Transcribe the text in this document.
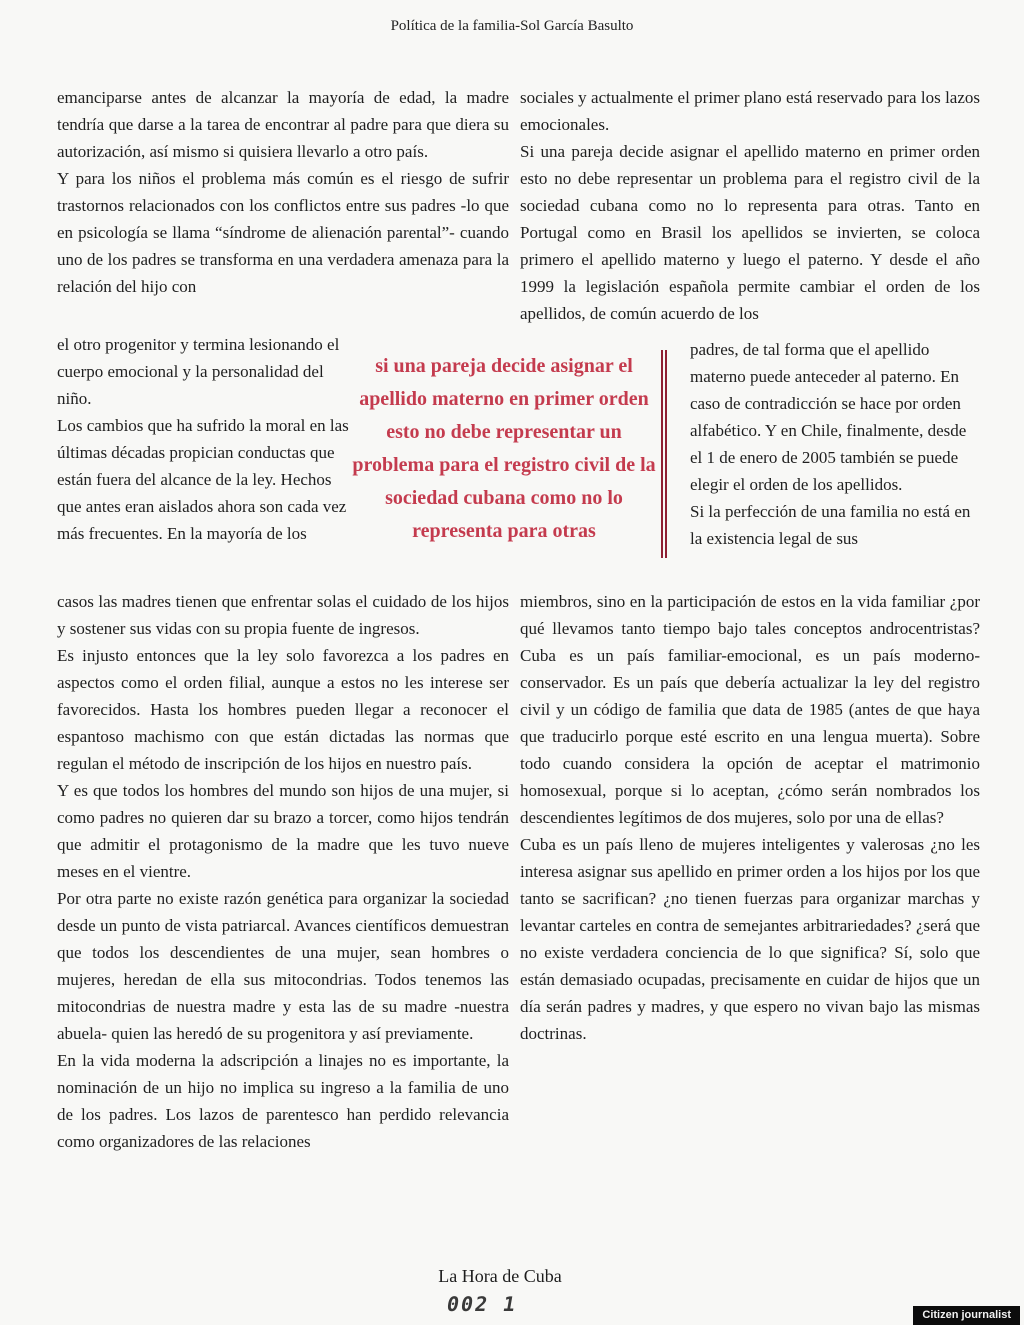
Política de la familia-Sol García Basulto

emanciparse antes de alcanzar la mayoría de edad, la madre tendría que darse a la tarea de encontrar al padre para que diera su autorización, así mismo si quisiera llevarlo a otro país.

Y para los niños el problema más común es el riesgo de sufrir trastornos relacionados con los conflictos entre sus padres -lo que en psicología se llama “síndrome de alienación parental”- cuando uno de los padres se transforma en una verdadera amenaza para la relación del hijo con

el otro progenitor y termina lesionando el cuerpo emocional y la personalidad del niño.

Los cambios que ha sufrido la moral en las últimas décadas propician conductas que están fuera del alcance de la ley. Hechos que antes eran aislados ahora son cada vez más frecuentes. En la mayoría de los

casos las madres tienen que enfrentar solas el cuidado de los hijos y sostener sus vidas con su propia fuente de ingresos.

Es injusto entonces que la ley solo favorezca a los padres en aspectos como el orden filial, aunque a estos no les interese ser favorecidos. Hasta los hombres pueden llegar a reconocer el espantoso machismo con que están dictadas las normas que regulan el método de inscripción de los hijos en nuestro país.

Y es que todos los hombres del mundo son hijos de una mujer, si como padres no quieren dar su brazo a torcer, como hijos tendrán que admitir el protagonismo de la madre que les tuvo nueve meses en el vientre.

Por otra parte no existe razón genética para organizar la sociedad desde un punto de vista patriarcal. Avances científicos demuestran que todos los descendientes de una mujer, sean hombres o mujeres, heredan de ella sus mitocondrias. Todos tenemos las mitocondrias de nuestra madre y esta las de su madre -nuestra abuela- quien las heredó de su progenitora y así previamente.

En la vida moderna la adscripción a linajes no es importante, la nominación de un hijo no implica su ingreso a la familia de uno de los padres. Los lazos de parentesco han perdido relevancia como organizadores de las relaciones

sociales y actualmente el primer plano está reservado para los lazos emocionales.

Si una pareja decide asignar el apellido materno en primer orden esto no debe representar un problema para el registro civil de la sociedad cubana como no lo representa para otras. Tanto en Portugal como en Brasil los apellidos se invierten, se coloca primero el apellido materno y luego el paterno. Y desde el año 1999 la legislación española permite cambiar el orden de los apellidos, de común acuerdo de los

padres, de tal forma que el apellido materno puede anteceder al paterno. En caso de contradicción se hace por orden alfabético. Y en Chile, finalmente, desde el 1 de enero de 2005 también se puede elegir el orden de los apellidos.

Si la perfección de una familia no está en la existencia legal de sus

miembros, sino en la participación de estos en la vida familiar ¿por qué llevamos tanto tiempo bajo tales conceptos androcentristas? Cuba es un país familiar-emocional, es un país moderno-conservador. Es un país que debería actualizar la ley del registro civil y un código de familia que data de 1985 (antes de que haya que traducirlo porque esté escrito en una lengua muerta). Sobre todo cuando considera la opción de aceptar el matrimonio homosexual, porque si lo aceptan, ¿cómo serán nombrados los descendientes legítimos de dos mujeres, solo por una de ellas?

Cuba es un país lleno de mujeres inteligentes y valerosas ¿no les interesa asignar sus apellido en primer orden a los hijos por los que tanto se sacrifican? ¿no tienen fuerzas para organizar marchas y levantar carteles en contra de semejantes arbitrariedades? ¿será que no existe verdadera conciencia de lo que significa? Sí, solo que están demasiado ocupadas, precisamente en cuidar de hijos que un día serán padres y madres, y que espero no vivan bajo las mismas doctrinas.

si una pareja decide asignar el apellido materno en primer orden esto no debe representar un problema para el registro civil de la sociedad cubana como no lo representa para otras
La Hora de Cuba
002 1	Citizen journalist
